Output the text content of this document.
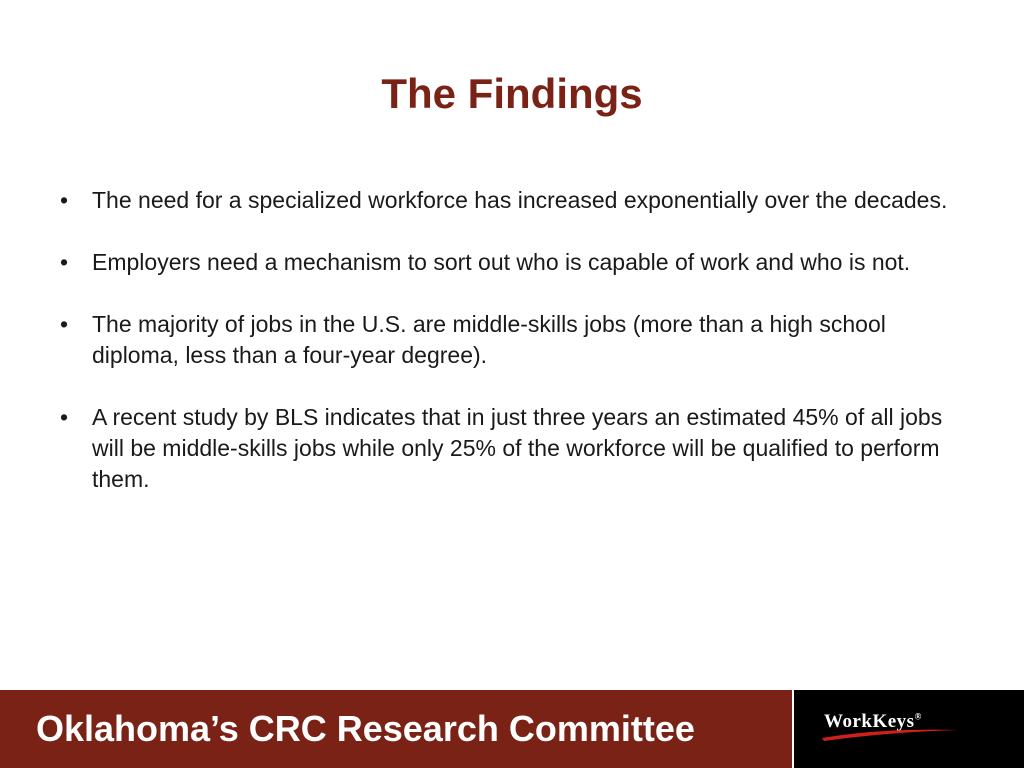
The Findings
• The need for a specialized workforce has increased exponentially over the decades.
• Employers need a mechanism to sort out who is capable of work and who is not.
• The majority of jobs in the U.S. are middle-skills jobs (more than a high school diploma, less than a four-year degree).
• A recent study by BLS indicates that in just three years an estimated 45% of all jobs will be middle-skills jobs while only 25% of the workforce will be qualified to perform them.
Oklahoma’s CRC Research Committee	WorkKeys®
